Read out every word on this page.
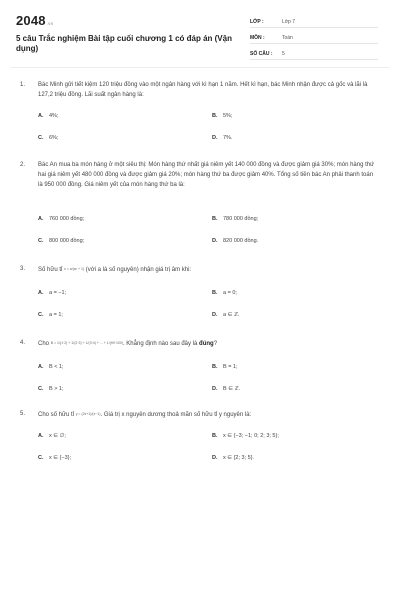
2048.vn
5 câu Trắc nghiệm Bài tập cuối chương 1 có đáp án (Vận dụng)
LỚP :	Lớp 7
MÔN :	Toán
SỐ CÂU :	5
1. Bác Minh gửi tiết kiệm 120 triệu đồng vào một ngân hàng với kì hạn 1 năm. Hết kì hạn, bác Minh nhận được cả gốc và lãi là 127,2 triệu đồng. Lãi suất ngân hàng là:
A. 4%;	B. 5%;
C. 6%;	D. 7%.
2. Bác An mua ba món hàng ở một siêu thị: Món hàng thứ nhất giá niêm yết 140 000 đồng và được giảm giá 30%; món hàng thứ hai giá niêm yết 480 000 đồng và được giảm giá 20%; món hàng thứ ba được giảm 40%. Tổng số tiền bác An phải thanh toán là 950 000 đồng. Giá niêm yết của món hàng thứ ba là:
A. 760 000 đồng;	B. 780 000 đồng;
C. 800 000 đồng;	D. 820 000 đồng.
3. Số hữu tỉ x = a/(a² + 1) (với a là số nguyên) nhận giá trị âm khi:
A. a = −1;	B. a = 0;
C. a = 1;	D. a ∈ ℤ.
4. Cho B = 1/(1·2) + 1/(2·3) + 1/(3·4) + ... + 1/(99·100). Khẳng định nào sau đây là đúng?
A. B < 1;	B. B = 1;
C. B > 1;	D. B ∈ ℤ.
5. Cho số hữu tỉ y = (2x+1)/(x−1). Giá trị x nguyên dương thoả mãn số hữu tỉ y nguyên là:
A. x ∈ ∅;	B. x ∈ {−3; −1; 0; 2; 3; 5};
C. x ∈ {−3};	D. x ∈ {2; 3; 5}.
